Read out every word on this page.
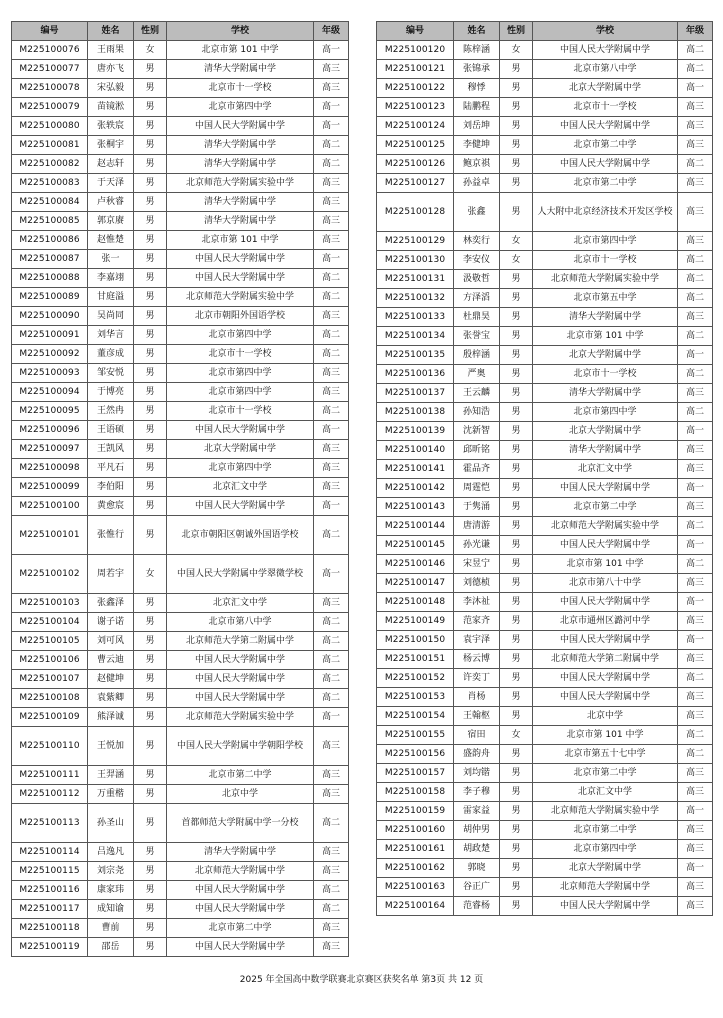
编号	姓名	性别	学校	年级
M225100076	王雨果	女	北京市第 101 中学	高一
M225100077	唐亦飞	男	清华大学附属中学	高三
M225100078	宋弘毅	男	北京市十一学校	高三
M225100079	苗镜淞	男	北京市第四中学	高一
M225100080	张轶宸	男	中国人民大学附属中学	高一
M225100081	张桐宇	男	清华大学附属中学	高二
M225100082	赵志轩	男	清华大学附属中学	高二
M225100083	于天泽	男	北京师范大学附属实验中学	高三
M225100084	卢秋睿	男	清华大学附属中学	高三
M225100085	郭京赓	男	清华大学附属中学	高三
M225100086	赵惟楚	男	北京市第 101 中学	高三
M225100087	张一	男	中国人民大学附属中学	高一
M225100088	李嘉翊	男	中国人民大学附属中学	高二
M225100089	甘庭溢	男	北京师范大学附属实验中学	高二
M225100090	吴尚同	男	北京市朝阳外国语学校	高三
M225100091	刘华言	男	北京市第四中学	高二
M225100092	董彦成	男	北京市十一学校	高二
M225100093	邹安悦	男	北京市第四中学	高三
M225100094	于博亮	男	北京市第四中学	高三
M225100095	王然冉	男	北京市十一学校	高二
M225100096	王语硕	男	中国人民大学附属中学	高一
M225100097	王凯风	男	北京大学附属中学	高三
M225100098	平凡石	男	北京市第四中学	高三
M225100099	李伯阳	男	北京汇文中学	高三
M225100100	黄愈宸	男	中国人民大学附属中学	高一
M225100101	张惟行	男	北京市朝阳区朝诚外国语学校	高二
M225100102	周若宇	女	中国人民大学附属中学翠微学校	高一
M225100103	张鑫泽	男	北京汇文中学	高三
M225100104	谢子诺	男	北京市第八中学	高二
M225100105	刘可风	男	北京师范大学第二附属中学	高二
M225100106	曹云迪	男	中国人民大学附属中学	高二
M225100107	赵健坤	男	中国人民大学附属中学	高二
M225100108	袁紫卿	男	中国人民大学附属中学	高二
M225100109	熊泽诚	男	北京师范大学附属实验中学	高一
M225100110	王悦加	男	中国人民大学附属中学朝阳学校	高三
M225100111	王羿涵	男	北京市第二中学	高三
M225100112	万重楷	男	北京中学	高三
M225100113	孙圣山	男	首都师范大学附属中学一分校	高二
M225100114	吕逸凡	男	清华大学附属中学	高三
M225100115	刘宗尧	男	北京师范大学附属中学	高三
M225100116	康家玮	男	中国人民大学附属中学	高二
M225100117	成知谕	男	中国人民大学附属中学	高二
M225100118	曹前	男	北京市第二中学	高三
M225100119	邵岳	男	中国人民大学附属中学	高三
编号	姓名	性别	学校	年级
M225100120	陈梓涵	女	中国人民大学附属中学	高二
M225100121	张锦承	男	北京市第八中学	高二
M225100122	穆悸	男	北京大学附属中学	高一
M225100123	陆鹏程	男	北京市十一学校	高三
M225100124	刘岳坤	男	中国人民大学附属中学	高三
M225100125	李健坤	男	北京市第二中学	高三
M225100126	鲍京祺	男	中国人民大学附属中学	高二
M225100127	孙益卓	男	北京市第二中学	高三
M225100128	张鑫	男	人大附中北京经济技术开发区学校	高三
M225100129	林奕行	女	北京市第四中学	高三
M225100130	李安仪	女	北京市十一学校	高二
M225100131	汲敬哲	男	北京师范大学附属实验中学	高二
M225100132	方泽滔	男	北京市第五中学	高二
M225100133	杜鼎昊	男	清华大学附属中学	高三
M225100134	张誉宝	男	北京市第 101 中学	高二
M225100135	殷梓涵	男	北京大学附属中学	高一
M225100136	严奥	男	北京市十一学校	高二
M225100137	王云麟	男	清华大学附属中学	高三
M225100138	孙知浩	男	北京市第四中学	高二
M225100139	沈新智	男	北京大学附属中学	高一
M225100140	邱昕铭	男	清华大学附属中学	高三
M225100141	霍品齐	男	北京汇文中学	高三
M225100142	周霆恺	男	中国人民大学附属中学	高一
M225100143	于隽涌	男	北京市第二中学	高三
M225100144	唐清游	男	北京师范大学附属实验中学	高二
M225100145	孙光谦	男	中国人民大学附属中学	高一
M225100146	宋昱宁	男	北京市第 101 中学	高二
M225100147	刘德桢	男	北京市第八十中学	高三
M225100148	李沐祉	男	中国人民大学附属中学	高一
M225100149	范家齐	男	北京市通州区潞河中学	高三
M225100150	袁宇泽	男	中国人民大学附属中学	高一
M225100151	杨云博	男	北京师范大学第二附属中学	高三
M225100152	许奕丁	男	中国人民大学附属中学	高二
M225100153	肖杨	男	中国人民大学附属中学	高三
M225100154	王翰枢	男	北京中学	高三
M225100155	宿田	女	北京市第 101 中学	高二
M225100156	盛韵舟	男	北京市第五十七中学	高二
M225100157	刘均锴	男	北京市第二中学	高三
M225100158	李子穆	男	北京汇文中学	高三
M225100159	雷家益	男	北京师范大学附属实验中学	高一
M225100160	胡仲男	男	北京市第二中学	高三
M225100161	胡政楚	男	北京市第四中学	高三
M225100162	郭晓	男	北京大学附属中学	高一
M225100163	谷正广	男	北京师范大学附属中学	高三
M225100164	范睿杨	男	中国人民大学附属中学	高三
2025 年全国高中数学联赛北京赛区获奖名单 第3页 共 12 页
